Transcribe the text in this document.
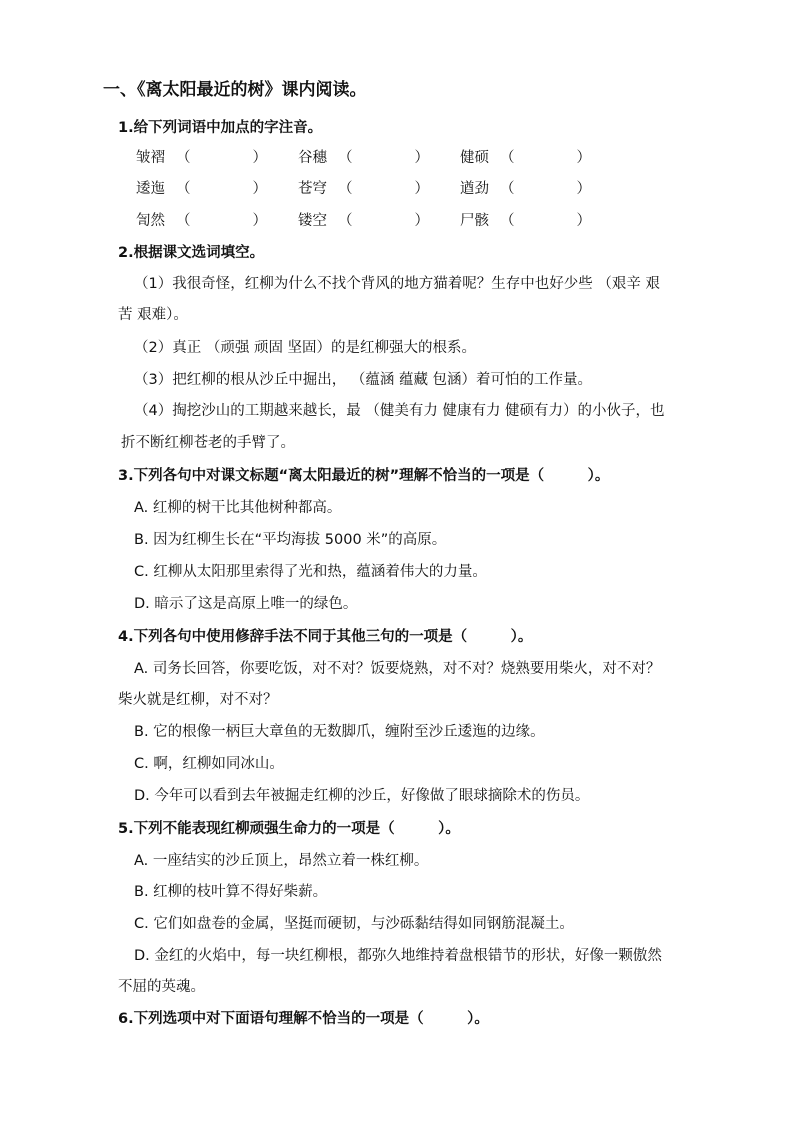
一、《离太阳最近的树》课内阅读。
1.给下列词语中加点的字注音。
皱褶 （	） 谷穗 （	） 健硕 （	）
逶迤 （	） 苍穹 （	） 遒劲 （	）
訇然 （	） 镂空 （	） 尸骸 （	）
2.根据课文选词填空。
（1）我很奇怪，红柳为什么不找个背风的地方猫着呢？生存中也好少些 （艰辛 艰
苦 艰难）。
（2）真正 （顽强 顽固 坚固）的是红柳强大的根系。
（3）把红柳的根从沙丘中掘出， （蕴涵 蕴藏 包涵）着可怕的工作量。
（4）掏挖沙山的工期越来越长，最 （健美有力 健康有力 健硕有力）的小伙子，也
折不断红柳苍老的手臂了。
3.下列各句中对课文标题“离太阳最近的树”理解不恰当的一项是（　　　）。
A. 红柳的树干比其他树种都高。
B. 因为红柳生长在“平均海拔 5000 米”的高原。
C. 红柳从太阳那里索得了光和热，蕴涵着伟大的力量。
D. 暗示了这是高原上唯一的绿色。
4.下列各句中使用修辞手法不同于其他三句的一项是（　　　）。
A. 司务长回答，你要吃饭，对不对？饭要烧熟，对不对？烧熟要用柴火，对不对？
柴火就是红柳，对不对？
B. 它的根像一柄巨大章鱼的无数脚爪，缠附至沙丘逶迤的边缘。
C. 啊，红柳如同冰山。
D. 今年可以看到去年被掘走红柳的沙丘，好像做了眼球摘除术的伤员。
5.下列不能表现红柳顽强生命力的一项是（　　　）。
A. 一座结实的沙丘顶上，昂然立着一株红柳。
B. 红柳的枝叶算不得好柴薪。
C. 它们如盘卷的金属，坚挺而硬韧，与沙砾黏结得如同钢筋混凝土。
D. 金红的火焰中，每一块红柳根，都弥久地维持着盘根错节的形状，好像一颗傲然
不屈的英魂。
6.下列选项中对下面语句理解不恰当的一项是（　　　）。
